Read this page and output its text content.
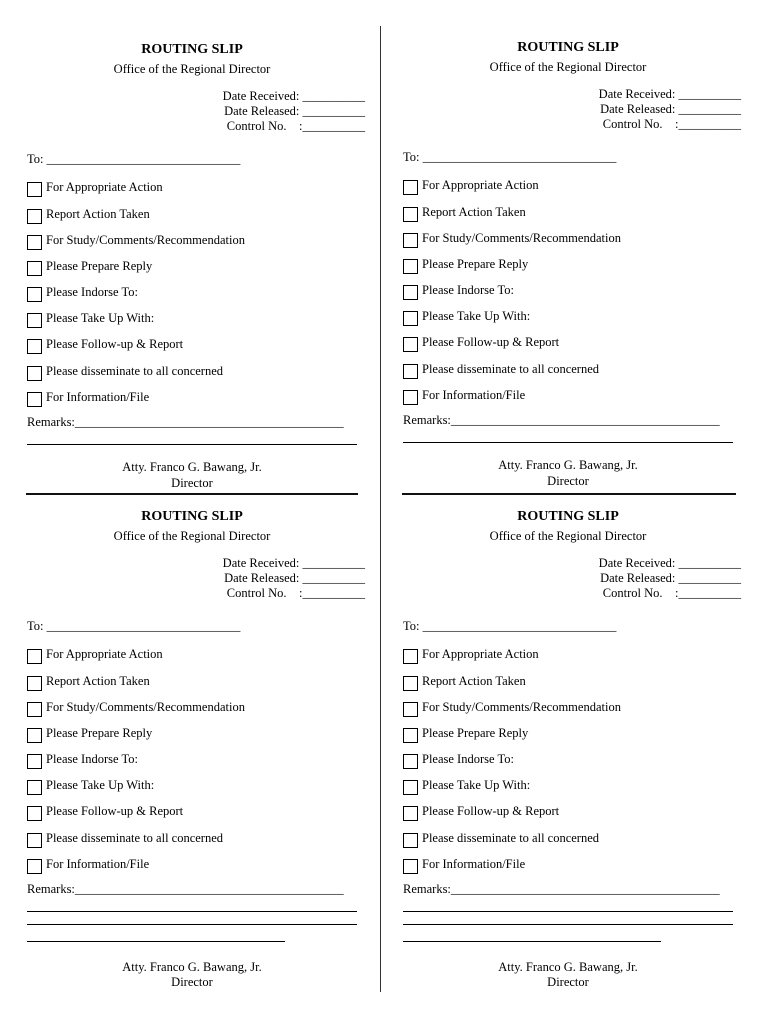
ROUTING SLIP
Office of the Regional Director
Date Received: __________
Date Released: __________
Control No.    :__________
To: _______________________________
For Appropriate Action
Report Action Taken
For Study/Comments/Recommendation
Please Prepare Reply
Please Indorse To:
Please Take Up With:
Please Follow-up & Report
Please disseminate to all concerned
For Information/File
Remarks:___________________________________________
Atty. Franco G. Bawang, Jr.
Director
ROUTING SLIP
Office of the Regional Director
Date Received: __________
Date Released: __________
Control No.    :__________
To: _______________________________
For Appropriate Action
Report Action Taken
For Study/Comments/Recommendation
Please Prepare Reply
Please Indorse To:
Please Take Up With:
Please Follow-up & Report
Please disseminate to all concerned
For Information/File
Remarks:___________________________________________
Atty. Franco G. Bawang, Jr.
Director
ROUTING SLIP
Office of the Regional Director
Date Received: __________
Date Released: __________
Control No.    :__________
To: _______________________________
For Appropriate Action
Report Action Taken
For Study/Comments/Recommendation
Please Prepare Reply
Please Indorse To:
Please Take Up With:
Please Follow-up & Report
Please disseminate to all concerned
For Information/File
Remarks:___________________________________________
Atty. Franco G. Bawang, Jr.
Director
ROUTING SLIP
Office of the Regional Director
Date Received: __________
Date Released: __________
Control No.    :__________
To: _______________________________
For Appropriate Action
Report Action Taken
For Study/Comments/Recommendation
Please Prepare Reply
Please Indorse To:
Please Take Up With:
Please Follow-up & Report
Please disseminate to all concerned
For Information/File
Remarks:___________________________________________
Atty. Franco G. Bawang, Jr.
Director
